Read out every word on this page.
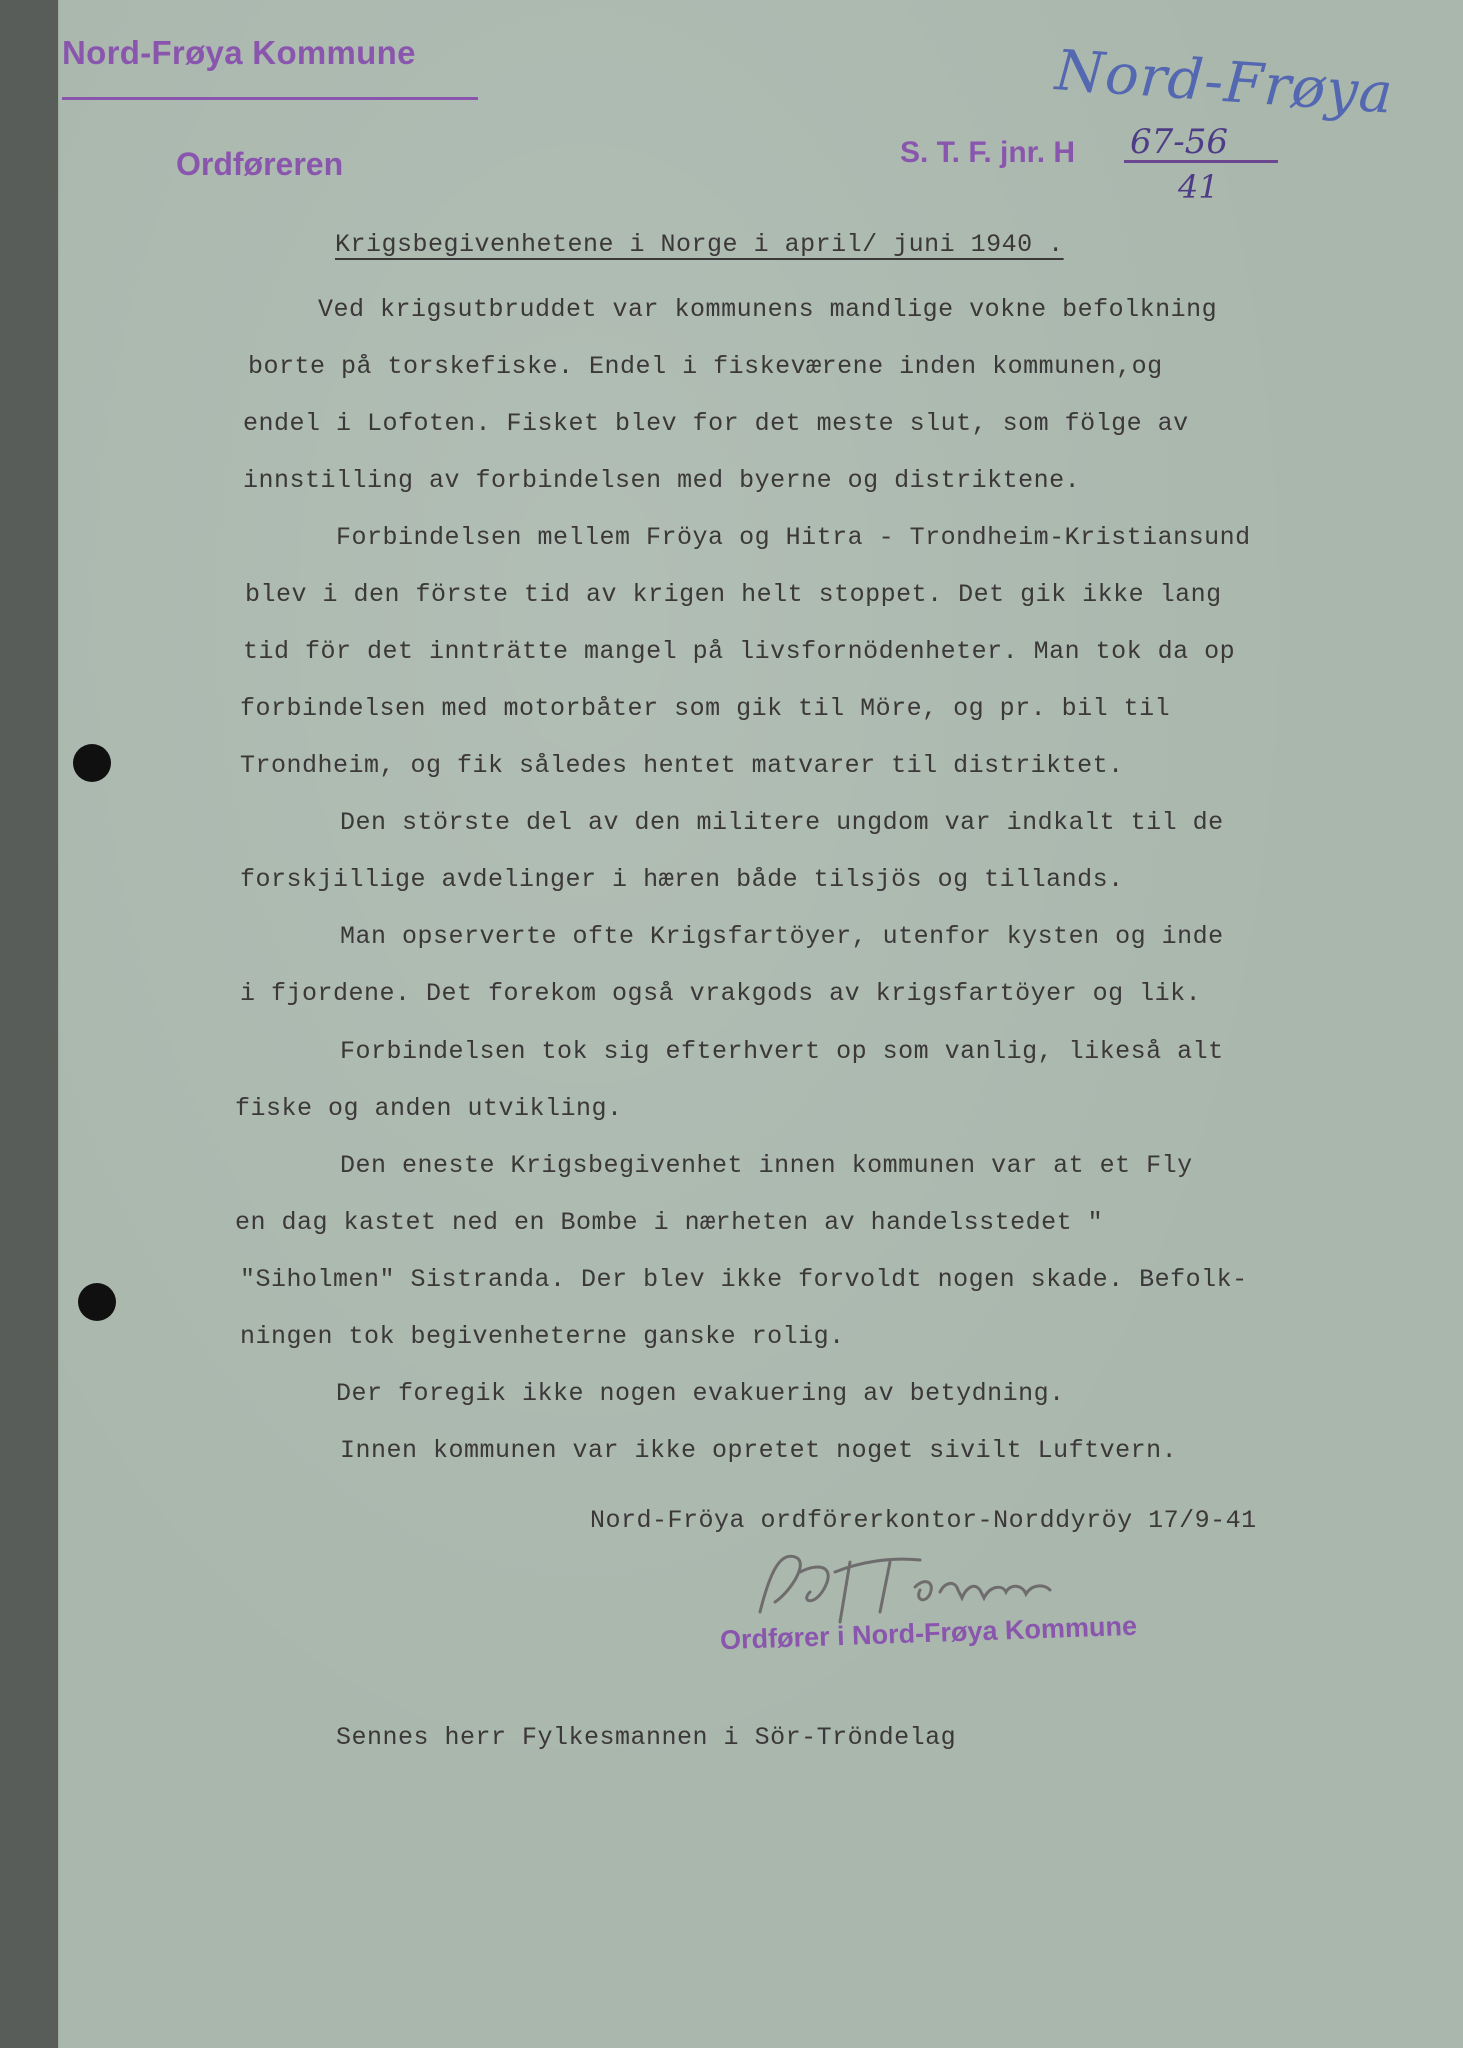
Nord-Frøya Kommune
Ordføreren
Nord-Frøya
S. T. F. jnr. H 67-56
41
Krigsbegivenhetene i Norge i april/ juni 1940 .
Ved krigsutbruddet var kommunens mandlige vokne befolkning
borte på torskefiske. Endel i fiskeværene inden kommunen,og
endel i Lofoten. Fisket blev for det meste slut, som fölge av
innstilling av forbindelsen med byerne og distriktene.
Forbindelsen mellem Fröya og Hitra - Trondheim-Kristiansund
blev i den förste tid av krigen helt stoppet. Det gik ikke lang
tid för det innträtte mangel på livsfornödenheter. Man tok da op
forbindelsen med motorbåter som gik til Möre, og pr. bil til
Trondheim, og fik således hentet matvarer til distriktet.
Den störste del av den militere ungdom var indkalt til de
forskjillige avdelinger i hæren både tilsjös og tillands.
Man opserverte ofte Krigsfartöyer, utenfor kysten og inde
i fjordene. Det forekom også vrakgods av krigsfartöyer og lik.
Forbindelsen tok sig efterhvert op som vanlig, likeså alt
fiske og anden utvikling.
Den eneste Krigsbegivenhet innen kommunen var at et Fly
en dag kastet ned en Bombe i nærheten av handelsstedet "
"Siholmen" Sistranda. Der blev ikke forvoldt nogen skade. Befolk-
ningen tok begivenheterne ganske rolig.
Der foregik ikke nogen evakuering av betydning.
Innen kommunen var ikke opretet noget sivilt Luftvern.
Nord-Fröya ordförerkontor-Norddyröy 17/9-41
Ordfører i Nord-Frøya Kommune
Sennes herr Fylkesmannen i Sör-Tröndelag
